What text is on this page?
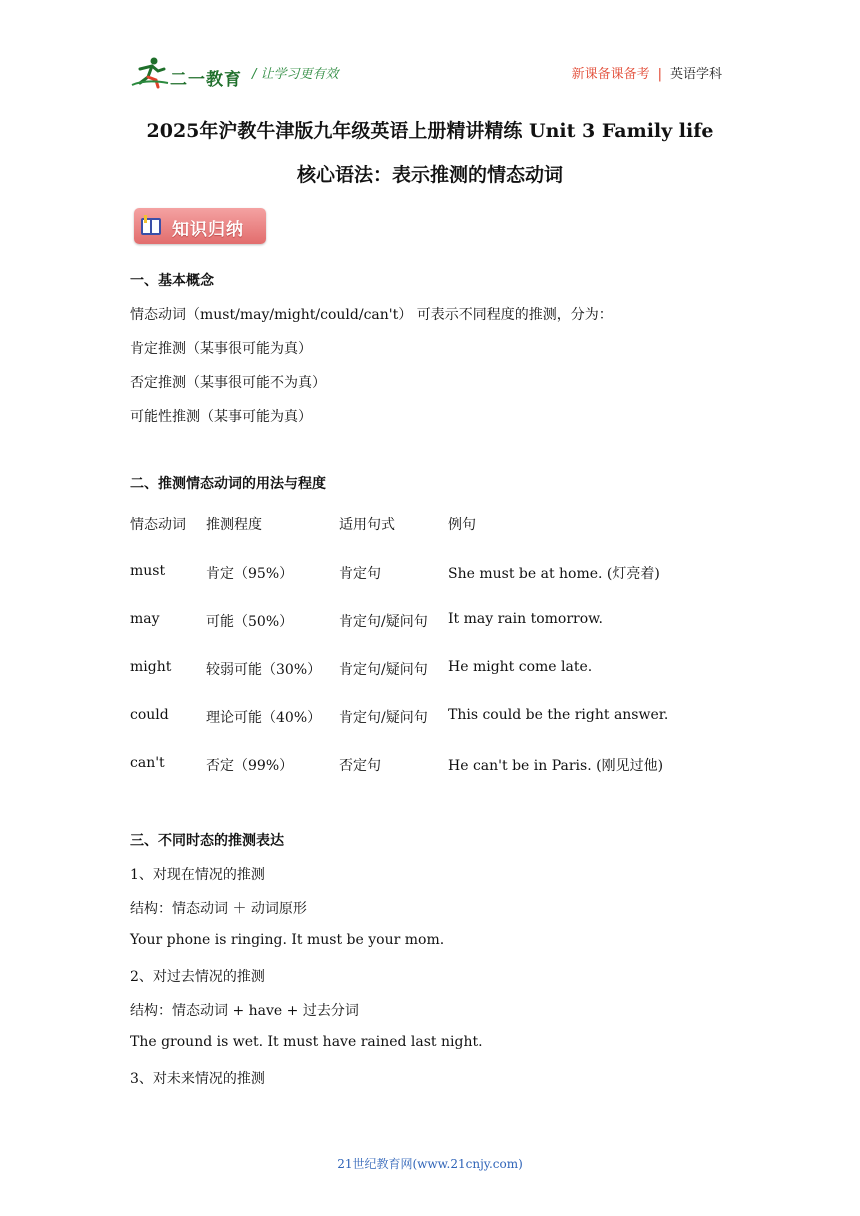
二一教育 / 让学习更有效	新课备课备考 | 英语学科
2025年沪教牛津版九年级英语上册精讲精练 Unit 3 Family life
核心语法：表示推测的情态动词
知识归纳
一、基本概念
情态动词（must/may/might/could/can't） 可表示不同程度的推测，分为：
肯定推测（某事很可能为真）
否定推测（某事很可能不为真）
可能性推测（某事可能为真）
二、推测情态动词的用法与程度
情态动词 推测程度	适用句式	例句
must	肯定（95%）	肯定句	She must be at home. (灯亮着)
may	可能（50%）	肯定句/疑问句 It may rain tomorrow.
might 较弱可能（30%） 肯定句/疑问句 He might come late.
could	理论可能（40%） 肯定句/疑问句 This could be the right answer.
can't	否定（99%）	否定句	He can't be in Paris. (刚见过他)
三、不同时态的推测表达
1、对现在情况的推测
结构：情态动词 ＋ 动词原形
Your phone is ringing. It must be your mom.
2、对过去情况的推测
结构：情态动词 + have + 过去分词
The ground is wet. It must have rained last night.
3、对未来情况的推测
21世纪教育网(www.21cnjy.com)
